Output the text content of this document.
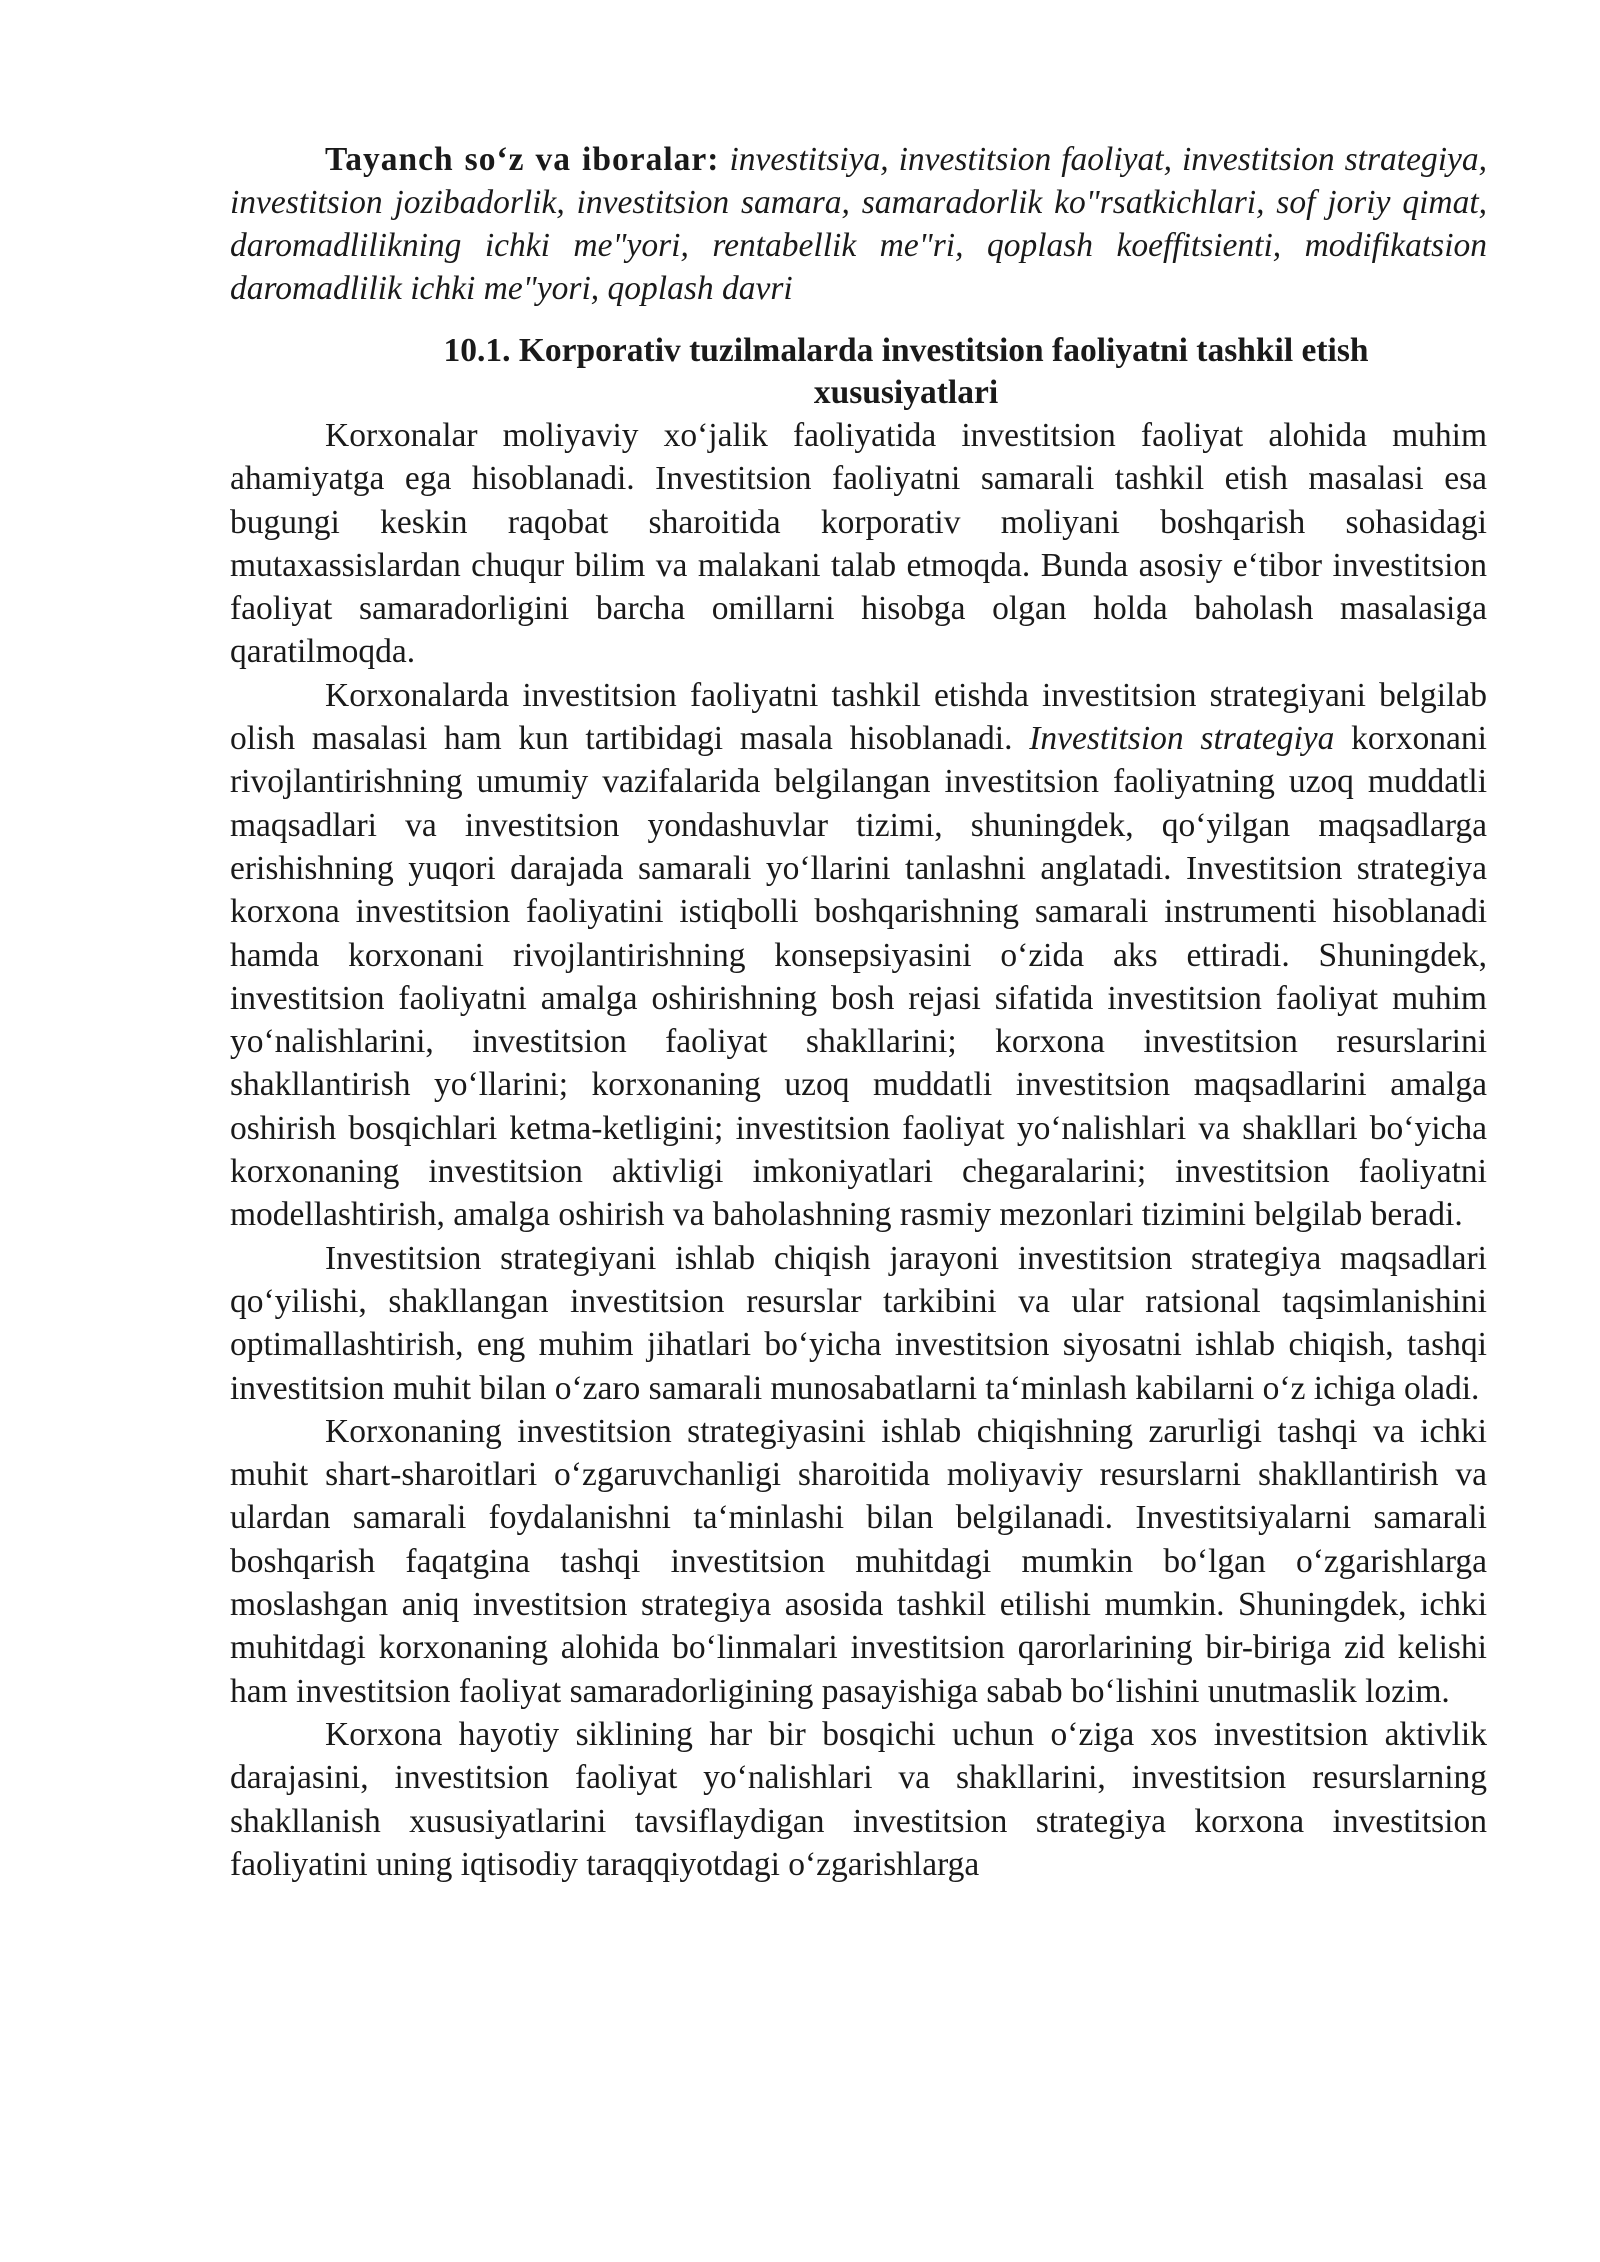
Tayanch so‘z va iboralar: investitsiya, investitsion faoliyat, investitsion strategiya, investitsion jozibadorlik, investitsion samara, samaradorlik ko"rsatkichlari, sof joriy qimat, daromadlilikning ichki me"yori, rentabellik me"ri, qoplash koeffitsienti, modifikatsion daromadlilik ichki me"yori, qoplash davri

10.1. Korporativ tuzilmalarda investitsion faoliyatni tashkil etish
xususiyatlari

Korxonalar moliyaviy xo‘jalik faoliyatida investitsion faoliyat alohida muhim ahamiyatga ega hisoblanadi. Investitsion faoliyatni samarali tashkil etish masalasi esa bugungi keskin raqobat sharoitida korporativ moliyani boshqarish sohasidagi mutaxassislardan chuqur bilim va malakani talab etmoqda. Bunda asosiy e‘tibor investitsion faoliyat samaradorligini barcha omillarni hisobga olgan holda baholash masalasiga qaratilmoqda.

Korxonalarda investitsion faoliyatni tashkil etishda investitsion strategiyani belgilab olish masalasi ham kun tartibidagi masala hisoblanadi. Investitsion strategiya korxonani rivojlantirishning umumiy vazifalarida belgilangan investitsion faoliyatning uzoq muddatli maqsadlari va investitsion yondashuvlar tizimi, shuningdek, qo‘yilgan maqsadlarga erishishning yuqori darajada samarali yo‘llarini tanlashni anglatadi. Investitsion strategiya korxona investitsion faoliyatini istiqbolli boshqarishning samarali instrumenti hisoblanadi hamda korxonani rivojlantirishning konsepsiyasini o‘zida aks ettiradi. Shuningdek, investitsion faoliyatni amalga oshirishning bosh rejasi sifatida investitsion faoliyat muhim yo‘nalishlarini, investitsion faoliyat shakllarini; korxona investitsion resurslarini shakllantirish yo‘llarini; korxonaning uzoq muddatli investitsion maqsadlarini amalga oshirish bosqichlari ketma-ketligini; investitsion faoliyat yo‘nalishlari va shakllari bo‘yicha korxonaning investitsion aktivligi imkoniyatlari chegaralarini; investitsion faoliyatni modellashtirish, amalga oshirish va baholashning rasmiy mezonlari tizimini belgilab beradi.

Investitsion strategiyani ishlab chiqish jarayoni investitsion strategiya maqsadlari qo‘yilishi, shakllangan investitsion resurslar tarkibini va ular ratsional taqsimlanishini optimallashtirish, eng muhim jihatlari bo‘yicha investitsion siyosatni ishlab chiqish, tashqi investitsion muhit bilan o‘zaro samarali munosabatlarni ta‘minlash kabilarni o‘z ichiga oladi.

Korxonaning investitsion strategiyasini ishlab chiqishning zarurligi tashqi va ichki muhit shart-sharoitlari o‘zgaruvchanligi sharoitida moliyaviy resurslarni shakllantirish va ulardan samarali foydalanishni ta‘minlashi bilan belgilanadi. Investitsiyalarni samarali boshqarish faqatgina tashqi investitsion muhitdagi mumkin bo‘lgan o‘zgarishlarga moslashgan aniq investitsion strategiya asosida tashkil etilishi mumkin. Shuningdek, ichki muhitdagi korxonaning alohida bo‘linmalari investitsion qarorlarining bir-biriga zid kelishi ham investitsion faoliyat samaradorligining pasayishiga sabab bo‘lishini unutmaslik lozim.

Korxona hayotiy siklining har bir bosqichi uchun o‘ziga xos investitsion aktivlik darajasini, investitsion faoliyat yo‘nalishlari va shakllarini, investitsion resurslarning shakllanish xususiyatlarini tavsiflaydigan investitsion strategiya korxona investitsion faoliyatini uning iqtisodiy taraqqiyotdagi o‘zgarishlarga
